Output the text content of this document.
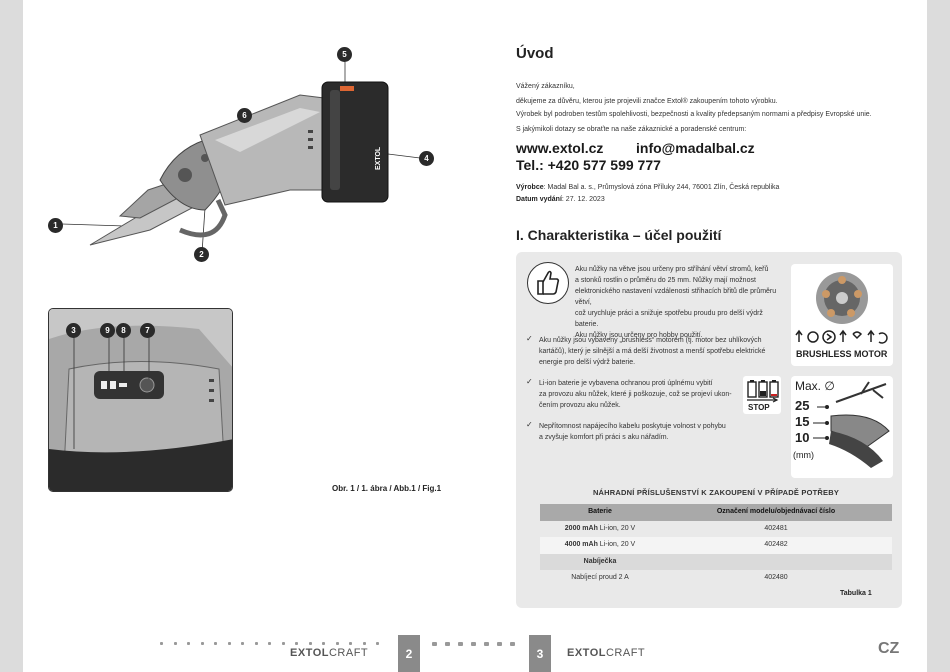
EXTOL
1
2
4
5
6
3	9 8 7
Obr. 1 / 1. ábra / Abb.1 / Fig.1
Úvod
Vážený zákazníku,
děkujeme za důvěru, kterou jste projevili značce Extol® zakoupením tohoto výrobku.
Výrobek byl podroben testům spolehlivosti, bezpečnosti a kvality předepsaným normami a předpisy Evropské unie.
S jakýmikoli dotazy se obraťte na naše zákaznické a poradenské centrum:
www.extol.cz info@madalbal.cz
Tel.: +420 577 599 777
Výrobce: Madal Bal a. s., Průmyslová zóna Příluky 244, 76001 Zlín, Česká republika
Datum vydání: 27. 12. 2023
I. Charakteristika – účel použití
Aku nůžky na větve jsou určeny pro stříhání větví stromů, keřů
a stonků rostlin o průměru do 25 mm. Nůžky mají možnost
elektronického nastavení vzdálenosti střihacích břitů dle průměru větví,
což urychluje práci a snižuje spotřebu proudu pro delší výdrž baterie.
Aku nůžky jsou určeny pro hobby použití.
✓ Aku nůžky jsou vybaveny „brushless“ motorem (tj. motor bez uhlíkových
kartáčů), který je silnější a má delší životnost a menší spotřebu elektrické
energie pro delší výdrž baterie.
✓ Li-ion baterie je vybavena ochranou proti úplnému vybití
za provozu aku nůžek, které ji poškozuje, což se projeví ukon-
čením provozu aku nůžek.
✓ Nepřítomnost napájecího kabelu poskytuje volnost v pohybu
a zvyšuje komfort při práci s aku nářadím.
BRUSHLESS MOTOR
STOP
Max. ∅
25
15
10
(mm)
NÁHRADNÍ PŘÍSLUŠENSTVÍ K ZAKOUPENÍ V PŘÍPADĚ POTŘEBY
Baterie	Označení modelu/objednávací číslo
2000 mAh Li-ion, 20 V	402481
4000 mAh Li-ion, 20 V	402482
Nabíječka
Nabíjecí proud 2 A	402480
Tabulka 1
EXTOLCRAFT	2	3	EXTOLCRAFT	CZ
